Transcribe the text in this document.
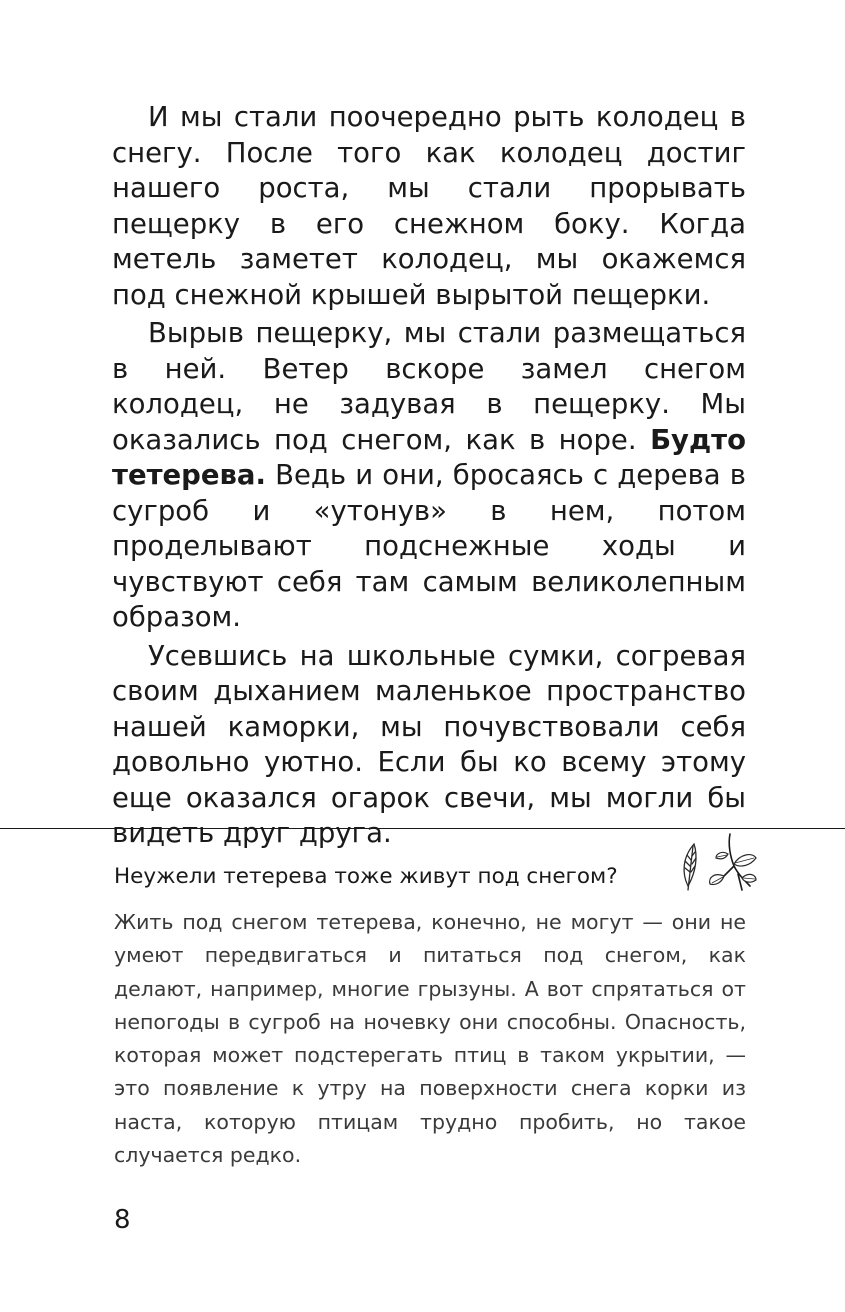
И мы стали поочередно рыть колодец в снегу. После того как колодец достиг нашего роста, мы стали прорывать пещерку в его снежном боку. Когда метель заметет колодец, мы окажемся под снежной крышей вырытой пещерки.

Вырыв пещерку, мы стали размещаться в ней. Ветер вскоре замел снегом колодец, не задувая в пещерку. Мы оказались под снегом, как в норе. Будто тетерева. Ведь и они, бросаясь с дерева в сугроб и «утонув» в нем, потом проделывают подснежные ходы и чувствуют себя там самым великолепным образом.

Усевшись на школьные сумки, согревая своим дыханием маленькое пространство нашей каморки, мы почувствовали себя довольно уютно. Если бы ко всему этому еще оказался огарок свечи, мы могли бы видеть друг друга.

Неужели тетерева тоже живут под снегом?

Жить под снегом тетерева, конечно, не могут — они не умеют передвигаться и питаться под снегом, как делают, например, многие грызуны. А вот спрятаться от непогоды в сугроб на ночевку они способны. Опасность, которая может подстерегать птиц в таком укрытии, — это появление к утру на поверхности снега корки из наста, которую птицам трудно пробить, но такое случается редко.

8
